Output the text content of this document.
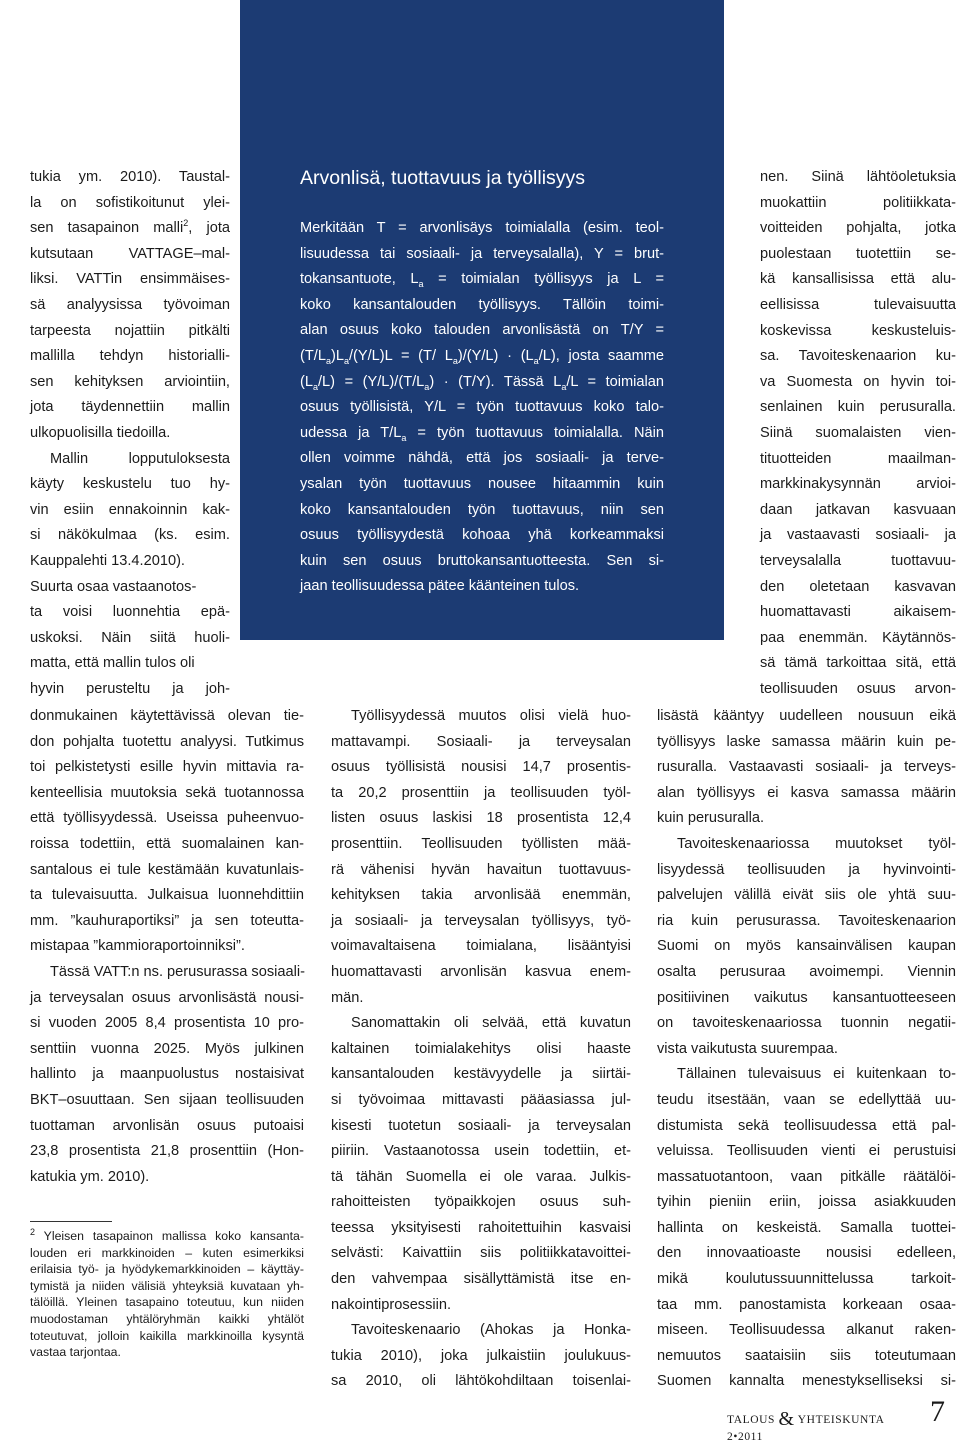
tukia ym. 2010). Taustal-
la on sofistikoitunut ylei-
sen tasapainon malli$^2$, jota
kutsutaan VATTAGE–mal-
liksi. VATTin ensimmäises-
sä analyysissa työvoiman
tarpeesta nojattiin pitkälti
mallilla tehdyn historialli-
sen kehityksen arviointiin,
jota täydennettiin mallin
ulkopuolisilla tiedoilla.

Mallin lopputuloksesta

käyty keskustelu tuo hy-
vin esiin ennakoinnin kak-
si näkökulmaa (ks. esim.
Kauppalehti 13.4.2010).
Suurta osaa vastaanotos-
ta voisi luonnehtia epä-
uskoksi. Näin siitä huoli-
matta, että mallin tulos oli
hyvin perusteltu ja joh-

donmukainen käytettävissä olevan tie-
don pohjalta tuotettu analyysi. Tutkimus
toi pelkistetysti esille hyvin mittavia ra-
kenteellisia muutoksia sekä tuotannossa
että työllisyydessä. Useissa puheenvuo-
roissa todettiin, että suomalainen kan-
santalous ei tule kestämään kuvatunlais-
ta tulevaisuutta. Julkaisua luonnehdittiin
mm. ”kauhuraportiksi” ja sen toteutta-
mistapaa ”kammioraportoinniksi”.
Tässä VATT:n ns. perusurassa sosiaali-
ja terveysalan osuus arvonlisästä nousi-
si vuoden 2005 8,4 prosentista 10 pro-
senttiin vuonna 2025. Myös julkinen
hallinto ja maanpuolustus nostaisivat
BKT–osuuttaan. Sen sijaan teollisuuden
tuottaman arvonlisän osuus putoaisi
23,8 prosentista 21,8 prosenttiin (Hon-
katukia ym. 2010).
Arvonlisä, tuottavuus ja työllisyys
Merkitään T = arvonlisäys toimialalla (esim. teol-
lisuudessa tai sosiaali- ja terveysalalla), Y = brut-
tokansantuote, $L_a$ = toimialan työllisyys ja L =
koko kansantalouden työllisyys. Tällöin toimi-
alan osuus koko talouden arvonlisästä on T/Y =
$(T/L_a)L_a/(Y/L)L = (T/$ $L_a)/(Y/L) \cdot (L_a/L)$, josta saamme
$(L_a/L) = (Y/L)/(T/L_a) \cdot (T/Y)$. Tässä $L_a/L$ = toimialan
osuus työllisistä, Y/L = työn tuottavuus koko talo-
udessa ja $T/L_a$ = työn tuottavuus toimialalla. Näin
ollen voimme nähdä, että jos sosiaali- ja terve-
ysalan työn tuottavuus nousee hitaammin kuin
koko kansantalouden työn tuottavuus, niin sen
osuus työllisyydestä kohoaa yhä korkeammaksi
kuin sen osuus bruttokansantuotteesta. Sen si-
jaan teollisuudessa pätee käänteinen tulos.

Työllisyydessä muutos olisi vielä huo-
mattavampi. Sosiaali- ja terveysalan
osuus työllisistä nousisi 14,7 prosentis-
ta 20,2 prosenttiin ja teollisuuden työl-
listen osuus laskisi 18 prosentista 12,4
prosenttiin. Teollisuuden työllisten mää-
rä vähenisi hyvän havaitun tuottavuus-
kehityksen takia arvonlisää enemmän,
ja sosiaali- ja terveysalan työllisyys, työ-
voimavaltaisena toimialana, lisääntyisi
huomattavasti arvonlisän kasvua enem-
män.

Sanomattakin oli selvää, että kuvatun
kaltainen toimialakehitys olisi haaste
kansantalouden kestävyydelle ja siirtäi-
si työvoimaa mittavasti pääasiassa jul-
kisesti tuotetun sosiaali- ja terveysalan
piiriin. Vastaanotossa usein todettiin, et-
tä tähän Suomella ei ole varaa. Julkis-
rahoitteisten työpaikkojen osuus suh-
teessa yksityisesti rahoitettuihin kasvaisi
selvästi: Kaivattiin siis politiikkatavoittei-
den vahvempaa sisällyttämistä itse en-
nakointiprosessiin.

Tavoiteskenaario (Ahokas ja Honka-
tukia 2010), joka julkaistiin joulukuus-
sa 2010, oli lähtökohdiltaan toisenlai-

nen. Siinä lähtöoletuksia
muokattiin politiikkata-
voitteiden pohjalta, jotka
puolestaan tuotettiin se-
kä kansallisissa että alu-
eellisissa tulevaisuutta
koskevissa keskusteluis-
sa. Tavoiteskenaarion ku-
va Suomesta on hyvin toi-
senlainen kuin perusuralla.
Siinä suomalaisten vien-
tituotteiden maailman-
markkinakysynnän arvioi-
daan jatkavan kasvuaan
ja vastaavasti sosiaali- ja
terveysalalla tuottavuu-
den oletetaan kasvavan
huomattavasti aikaisem-
paa enemmän. Käytännös-
sä tämä tarkoittaa sitä, että
teollisuuden osuus arvon-

lisästä kääntyy uudelleen nousuun eikä
työllisyys laske samassa määrin kuin pe-
rusuralla. Vastaavasti sosiaali- ja terveys-
alan työllisyys ei kasva samassa määrin
kuin perusuralla.

Tavoiteskenaariossa muutokset työl-
lisyydessä teollisuuden ja hyvinvointi-
palvelujen välillä eivät siis ole yhtä suu-
ria kuin perusurassa. Tavoiteskenaarion
Suomi on myös kansainvälisen kaupan
osalta perusuraa avoimempi. Viennin
positiivinen vaikutus kansantuotteeseen
on tavoiteskenaariossa tuonnin negatii-
vista vaikutusta suurempaa.

Tällainen tulevaisuus ei kuitenkaan to-
teudu itsestään, vaan se edellyttää uu-
distumista sekä teollisuudessa että pal-
veluissa. Teollisuuden vienti ei perustuisi
massatuotantoon, vaan pitkälle räätälöi-
tyihin pieniin eriin, joissa asiakkuuden
hallinta on keskeistä. Samalla tuottei-
den innovaatioaste nousisi edelleen,
mikä koulutussuunnittelussa tarkoit-
taa mm. panostamista korkeaan osaa-
miseen. Teollisuudessa alkanut raken-
nemuutos saataisiin siis toteutumaan
Suomen kannalta menestykselliseksi si-

$^2$ Yleisen tasapainon mallissa koko kansanta-
louden eri markkinoiden – kuten esimerkiksi
erilaisia työ- ja hyödykemarkkinoiden – käyttäy-
tymistä ja niiden välisiä yhteyksiä kuvataan yh-
tälöillä. Yleinen tasapaino toteutuu, kun niiden
muodostaman yhtälöryhmän kaikki yhtälöt
toteutuvat, jolloin kaikilla markkinoilla kysyntä
vastaa tarjontaa.
TALOUS & YHTEISKUNTA 2•2011
7
